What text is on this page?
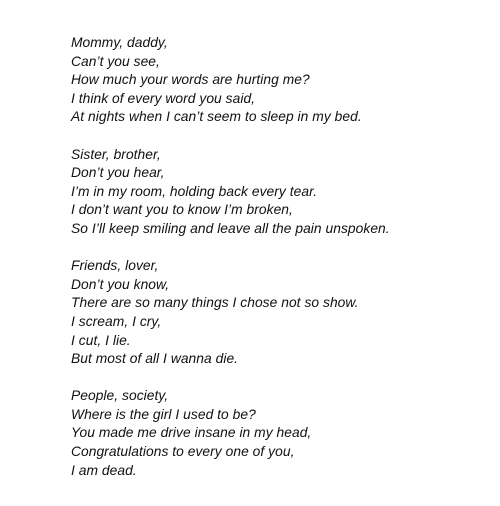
Mommy, daddy,
Can’t you see,
How much your words are hurting me?
I think of every word you said,
At nights when I can’t seem to sleep in my bed.
Sister, brother,
Don’t you hear,
I’m in my room, holding back every tear.
I don’t want you to know I’m broken,
So I’ll keep smiling and leave all the pain unspoken.
Friends, lover,
Don’t you know,
There are so many things I chose not so show.
I scream, I cry,
I cut, I lie.
But most of all I wanna die.
People, society,
Where is the girl I used to be?
You made me drive insane in my head,
Congratulations to every one of you,
I am dead.
